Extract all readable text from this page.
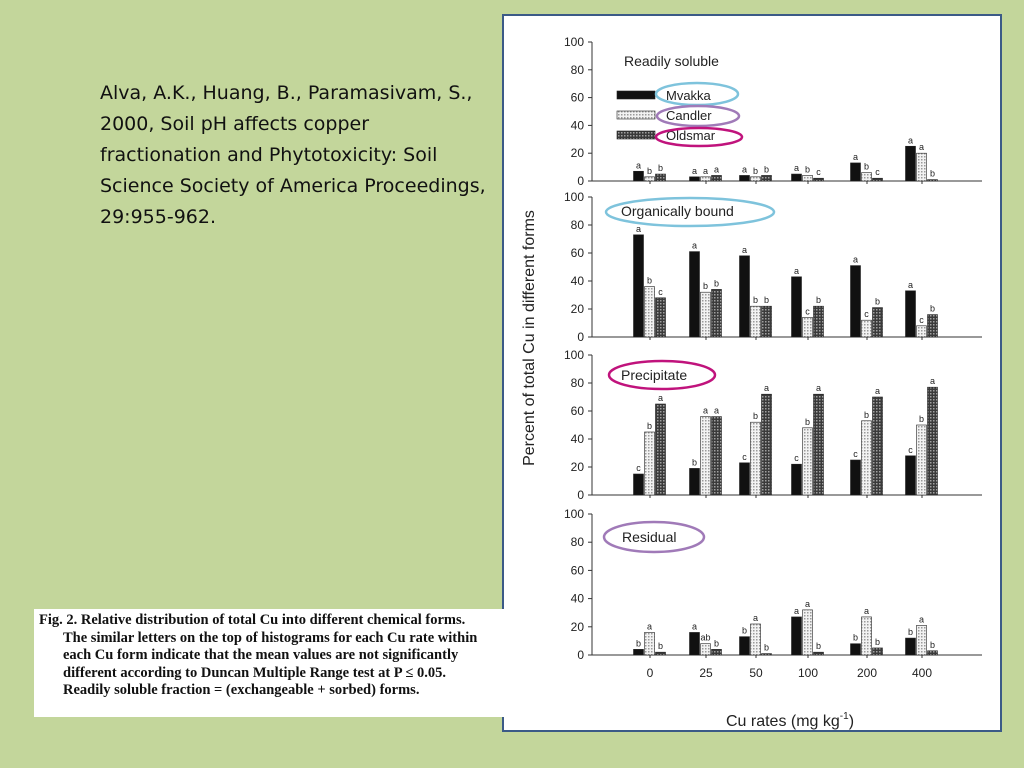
Alva, A.K., Huang, B., Paramasivam, S., 2000, Soil pH affects copper fractionation and Phytotoxicity: Soil Science Society of America Proceedings, 29:955-962.	Percent of total Cu in different forms
Cu rates (mg $kg^{-1}$)
0
20
40
60
80
100
a
b b	a a a	a b b	a b c
a
b
c
a
a
b
0
20
40
60
80
100
a
b
c
a
b b
a
b b
a
c
b
a
c
b
a
c
b
0
20
40
60
80
100
c
b
a
b
a a
c
b
a
c
b
a
c
b
a
c
b
a
0
20
40
60
80
100
b
a
b
a
ab
b
b
a
b
a
a
b
b
a
b
b
a
b
Readily soluble
Organically bound
Precipitate
Residual
Mvakka
Candler
Oldsmar
0	25	50	100	200	400

Fig. 2. Relative distribution of total Cu into different chemical forms.

The similar letters on the top of histograms for each Cu rate within

each Cu form indicate that the mean values are not significantly

different according to Duncan Multiple Range test at P ≤ 0.05.

Readily soluble fraction = (exchangeable + sorbed) forms.
